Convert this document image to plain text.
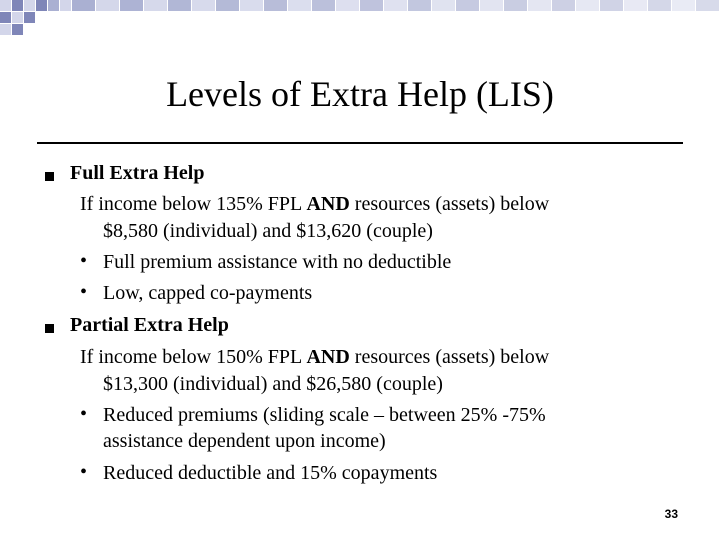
Levels of Extra Help (LIS)
Full Extra Help
If income below 135% FPL AND resources (assets) below
$8,580 (individual) and $13,620 (couple)
• Full premium assistance with no deductible
• Low, capped co-payments
Partial Extra Help
If income below 150% FPL AND resources (assets) below
$13,300 (individual) and $26,580 (couple)
• Reduced premiums (sliding scale – between 25% -75%
assistance dependent upon income)
• Reduced deductible and 15% copayments
33
